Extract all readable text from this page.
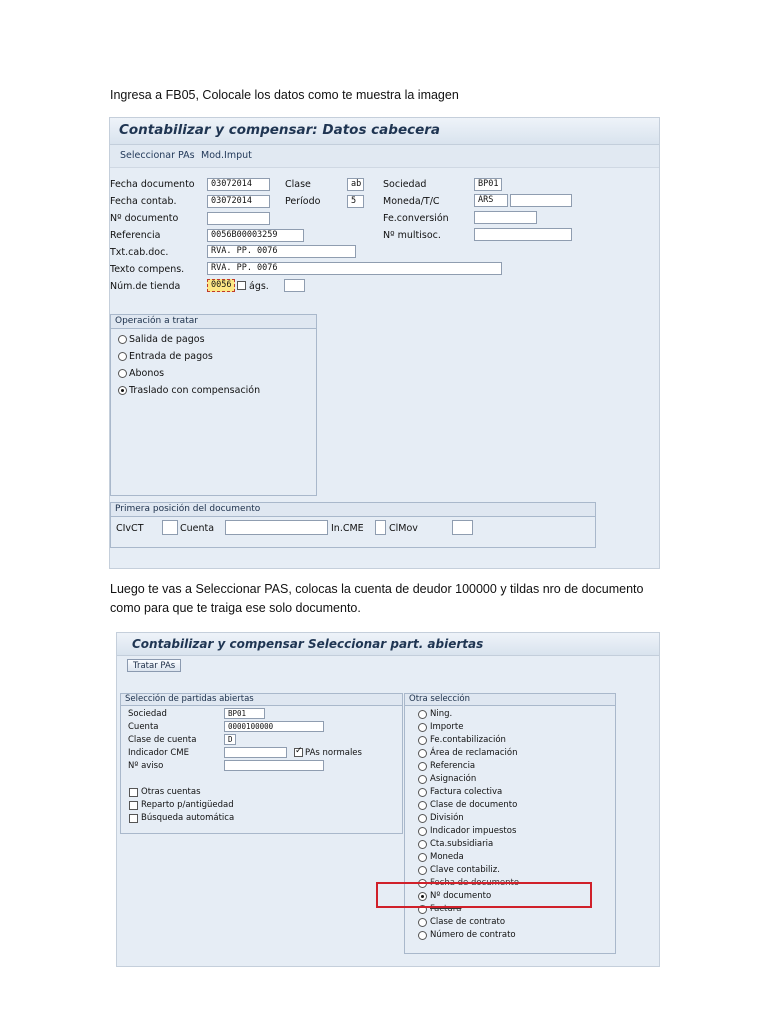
Ingresa a FB05, Colocale los datos como te muestra la imagen
Contabilizar y compensar: Datos cabecera
Seleccionar PAs Mod.Imput
Fecha documento	03072014	Clase	ab Sociedad	BP01
Fecha contab.	03072014	Período	5	Moneda/T/C	ARS
Nº documento	Fe.conversión
Referencia	0056B00003259	Nº multisoc.
Txt.cab.doc.	RVA. PP. 0076
Texto compens.	RVA. PP. 0076
Núm.de tienda	0056	ágs.
Operación a tratar
Salida de pagos
Entrada de pagos
Abonos
Traslado con compensación
Primera posición del documento
CIvCT	Cuenta	In.CME	ClMov
Luego te vas a Seleccionar PAS, colocas la cuenta de deudor 100000 y tildas nro de documento como para que te traiga ese solo documento.
Contabilizar y compensar Seleccionar part. abiertas
Tratar PAs
Selección de partidas abiertas
Sociedad	BP01
Cuenta	0000100000
Clase de cuenta	D
Indicador CME	✓ PAs normales
Nº aviso
Otras cuentas
Reparto p/antigüedad
Búsqueda automática
Otra selección
Ning.
Importe
Fe.contabilización
Área de reclamación
Referencia
Asignación
Factura colectiva
Clase de documento
División
Indicador impuestos
Cta.subsidiaria
Moneda
Clave contabiliz.
Fecha de documento
Nº documento
Factura
Clase de contrato
Número de contrato
